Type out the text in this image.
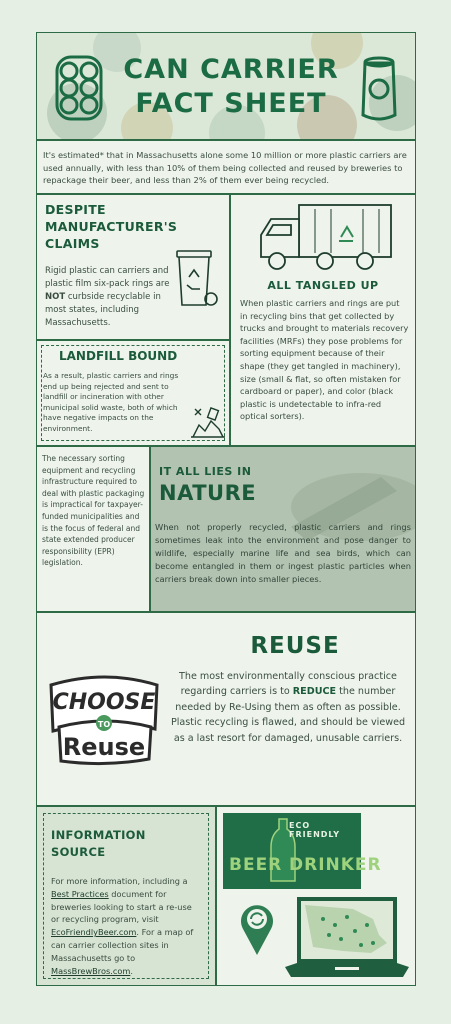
CAN CARRIER
FACT SHEET
It's estimated* that in Massachusetts alone some 10 million or more plastic carriers are used annually, with less than 10% of them being collected and reused by breweries to repackage their beer, and less than 2% of them ever being recycled.
DESPITE
MANUFACTURER'S
CLAIMS
Rigid plastic can carriers and plastic film six-pack rings are NOT curbside recyclable in most states, including Massachusetts.
LANDFILL BOUND
As a result, plastic carriers and rings end up being rejected and sent to landfill or incineration with other municipal solid waste, both of which have negative impacts on the environment.
ALL TANGLED UP
When plastic carriers and rings are put in recycling bins that get collected by trucks and brought to materials recovery facilities (MRFs) they pose problems for sorting equipment because of their shape (they get tangled in machinery), size (small & flat, so often mistaken for cardboard or paper), and color (black plastic is undetectable to infra-red optical sorters).
The necessary sorting equipment and recycling infrastructure required to deal with plastic packaging is impractical for taxpayer-funded municipalities and is the focus of federal and state extended producer responsibility (EPR) legislation.
IT ALL LIES IN
NATURE
When not properly recycled, plastic carriers and rings sometimes leak into the environment and pose danger to wildlife, especially marine life and sea birds, which can become entangled in them or ingest plastic particles when carriers break down into smaller pieces.
CHOOSE
TO
Reuse
REUSE
The most environmentally conscious practice regarding carriers is to REDUCE the number needed by Re-Using them as often as possible. Plastic recycling is flawed, and should be viewed as a last resort for damaged, unusable carriers.
INFORMATION
SOURCE
For more information, including a Best Practices document for breweries looking to start a re-use or recycling program, visit EcoFriendlyBeer.com. For a map of can carrier collection sites in Massachusetts go to MassBrewBros.com.
ECO FRIENDLY
BEER DRINKER
